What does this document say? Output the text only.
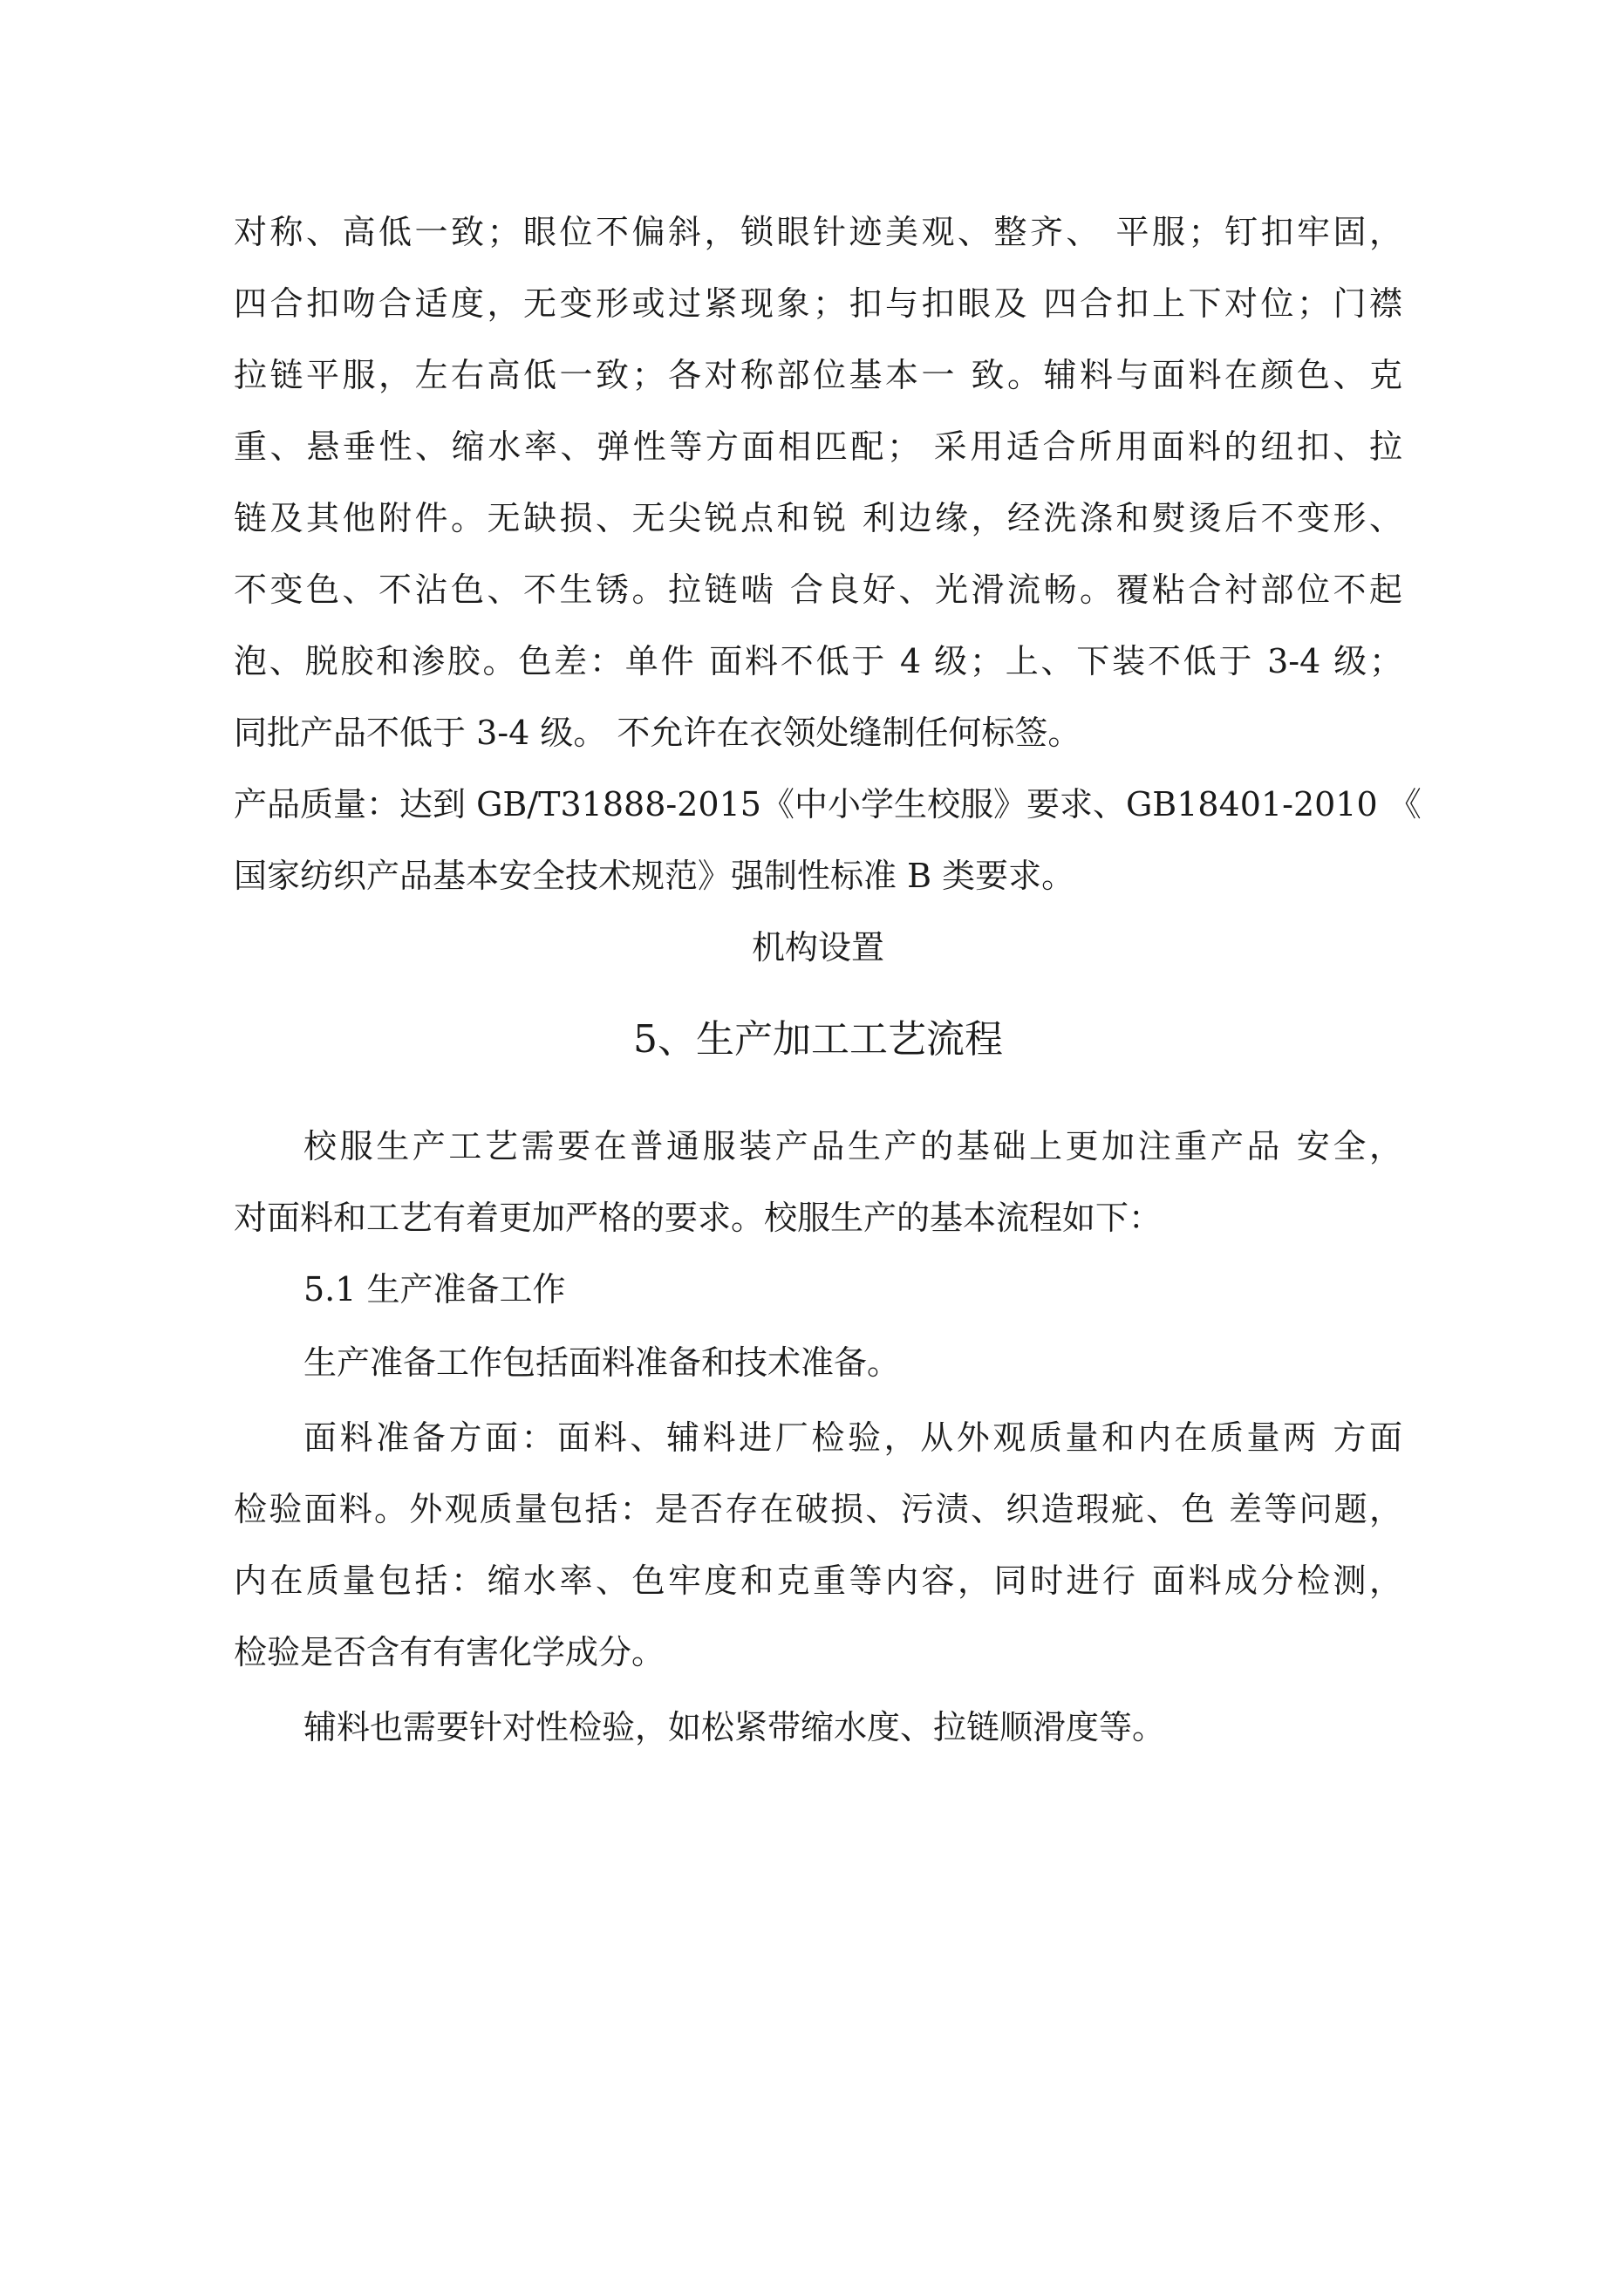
对称、高低一致；眼位不偏斜，锁眼针迹美观、整齐、 平服；钉扣牢固，

四合扣吻合适度，无变形或过紧现象；扣与扣眼及 四合扣上下对位；门襟

拉链平服，左右高低一致；各对称部位基本一 致。辅料与面料在颜色、克

重、悬垂性、缩水率、弹性等方面相匹配； 采用适合所用面料的纽扣、拉

链及其他附件。无缺损、无尖锐点和锐 利边缘，经洗涤和熨烫后不变形、

不变色、不沾色、不生锈。拉链啮 合良好、光滑流畅。覆粘合衬部位不起

泡、脱胶和渗胶。色差：单件 面料不低于 4 级；上、下装不低于 3-4 级；

同批产品不低于 3-4 级。 不允许在衣领处缝制任何标签。

产品质量：达到 GB/T31888-2015《中小学生校服》要求、GB18401-2010 《

国家纺织产品基本安全技术规范》强制性标准 B 类要求。

机构设置

5、生产加工工艺流程

校服生产工艺需要在普通服装产品生产的基础上更加注重产品 安全，

对面料和工艺有着更加严格的要求。校服生产的基本流程如下：

5.1 生产准备工作

生产准备工作包括面料准备和技术准备。

面料准备方面：面料、辅料进厂检验，从外观质量和内在质量两 方面

检验面料。外观质量包括：是否存在破损、污渍、织造瑕疵、色 差等问题，

内在质量包括：缩水率、色牢度和克重等内容，同时进行 面料成分检测，

检验是否含有有害化学成分。

辅料也需要针对性检验，如松紧带缩水度、拉链顺滑度等。
